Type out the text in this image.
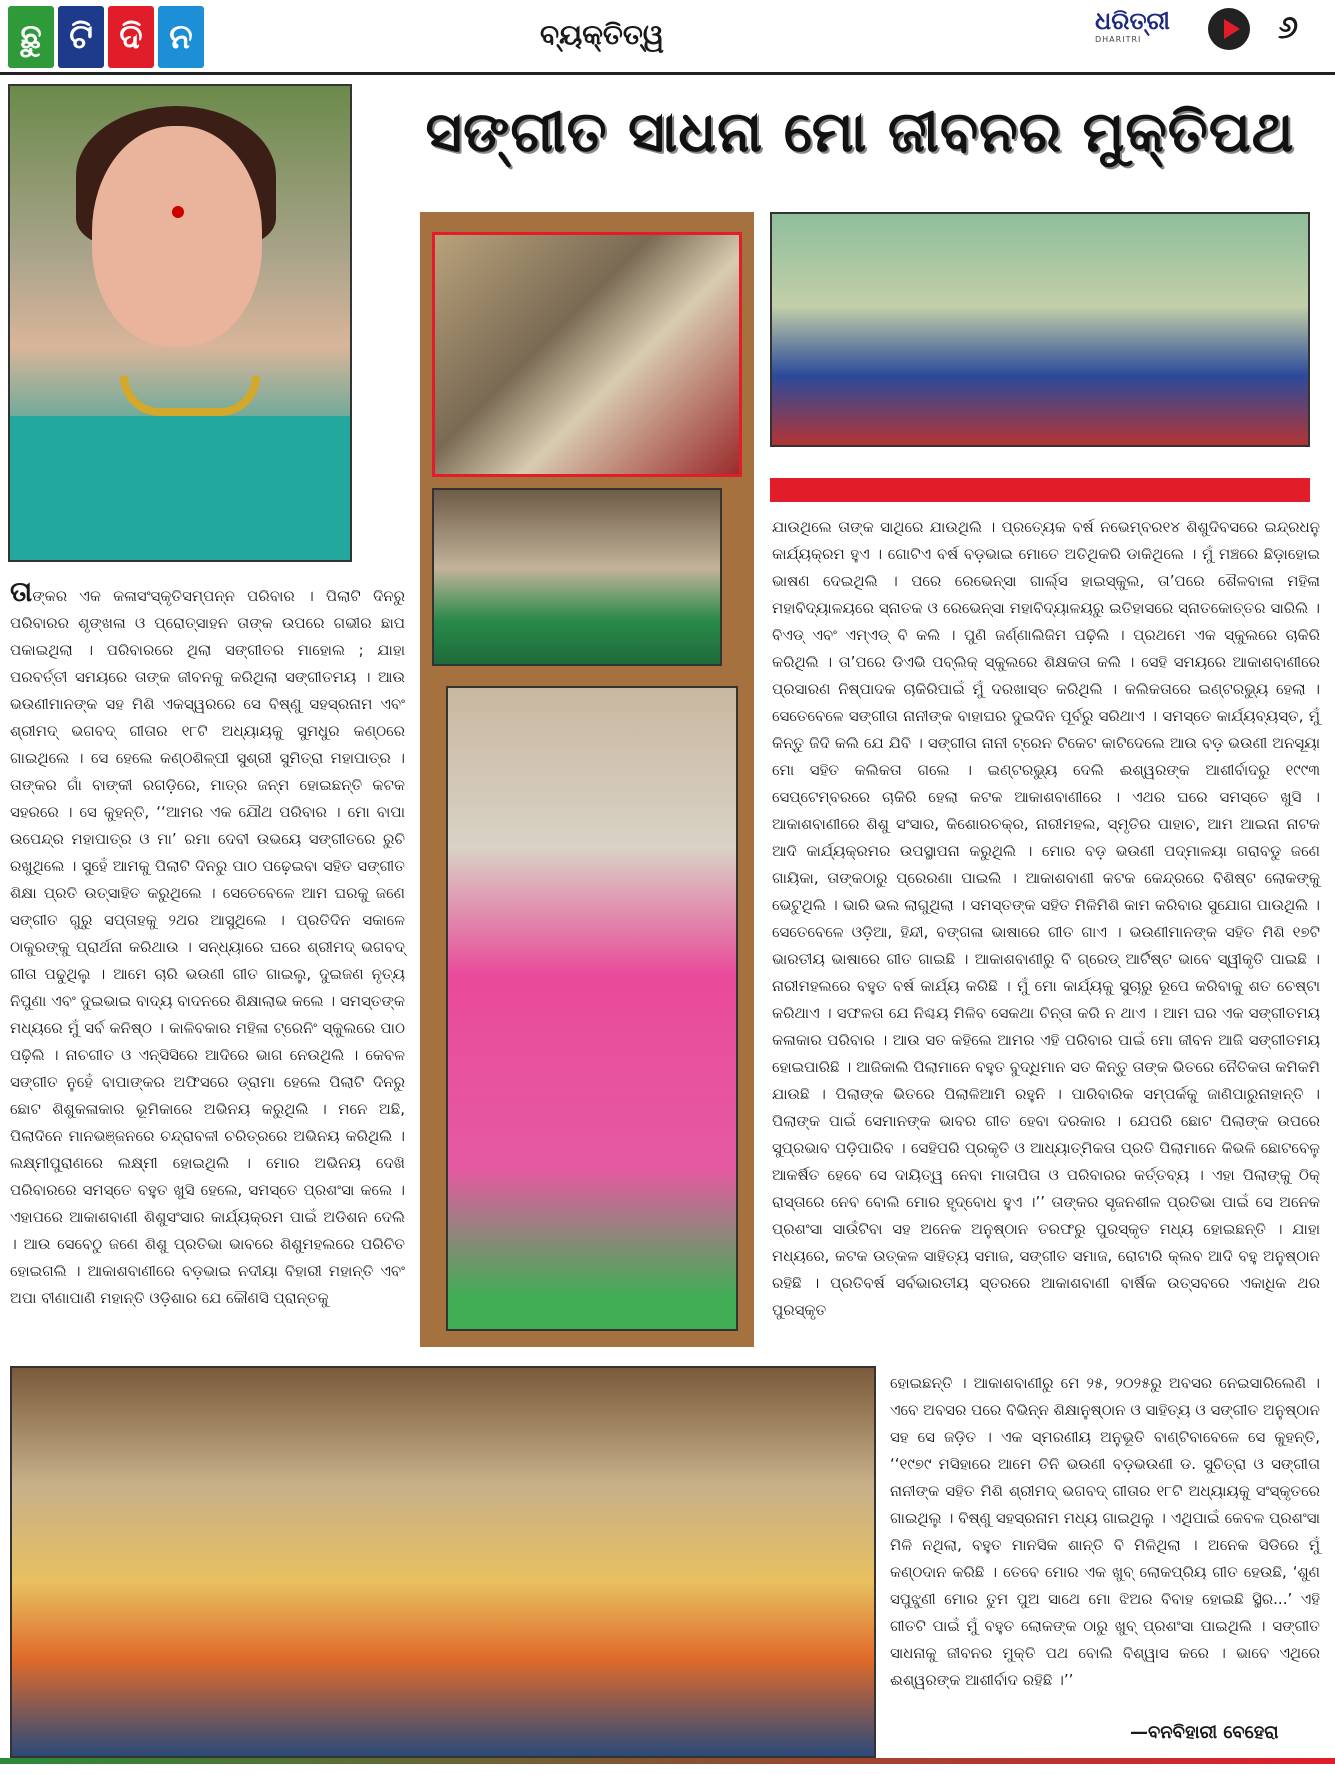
ଛୁ ଟି ଦି ନ	ବ୍ୟକ୍ତିତ୍ୱ	ଧରିତ୍ରୀ
DHARITRI	୬
ସଙ୍ଗୀତ ସାଧନା ମୋ ଜୀବନର ମୁକ୍ତିପଥ
ତାଙ୍କର ଏକ କଳାସଂସ୍କୃତିସମ୍ପନ୍ନ ପରିବାର । ପିଲାଟି ଦିନରୁ ପରିବାରର ଶୃଙ୍ଖଳା ଓ ପ୍ରୋତ୍ସାହନ ତାଙ୍କ ଉପରେ ଗଭୀର ଛାପ ପକାଇଥିଲା । ପରିବାରରେ ଥିଲା ସଙ୍ଗୀତର ମାହୋଲ ; ଯାହା ପରବର୍ତ୍ତୀ ସମୟରେ ତାଙ୍କ ଜୀବନକୁ କରିଥିଲା ସଙ୍ଗୀତମୟ । ଆଉ ଭଉଣୀମାନଙ୍କ ସହ ମିଶି ଏକସ୍ୱରରେ ସେ ବିଷ୍ଣୁ ସହସ୍ରନାମ ଏବଂ ଶ୍ରୀମଦ୍ ଭଗବଦ୍ ଗୀତାର ୧୮ଟି ଅଧ୍ୟାୟକୁ ସୁମଧୁର କଣ୍ଠରେ ଗାଇଥିଲେ । ସେ ହେଲେ କଣ୍ଠଶିଳ୍ପୀ ସୁଶ୍ରୀ ସୁମିତ୍ରା ମହାପାତ୍ର । ତାଙ୍କର ଗାଁ ବାଙ୍କୀ ରଗଡ଼ିରେ, ମାତ୍ର ଜନ୍ମ ହୋଇଛନ୍ତି କଟକ ସହରରେ । ସେ କୁହନ୍ତି, ‘‘ଆମର ଏକ ଯୌଥ ପରିବାର । ମୋ ବାପା ଉପେନ୍ଦ୍ର ମହାପାତ୍ର ଓ ମା’ ରମା ଦେବୀ ଉଭୟେ ସଙ୍ଗୀତରେ ରୁଚି ରଖୁଥିଲେ । ସୁହେଁ ଆମକୁ ପିଲାଟି ଦିନରୁ ପାଠ ପଢ଼େଇବା ସହିତ ସଙ୍ଗୀତ ଶିକ୍ଷା ପ୍ରତି ଉତ୍ସାହିତ କରୁଥିଲେ । ସେତେବେଳେ ଆମ ଘରକୁ ଜଣେ ସଙ୍ଗୀତ ଗୁରୁ ସପ୍ତାହକୁ ୨ଥର ଆସୁଥିଲେ । ପ୍ରତିଦିନ ସକାଳେ ଠାକୁରଙ୍କୁ ପ୍ରାର୍ଥନା କରିଥାଉ । ସନ୍ଧ୍ୟାରେ ଘରେ ଶ୍ରୀମଦ୍ ଭଗବଦ୍ ଗୀତା ପଢୁଥିଲୁ । ଆମେ ଚାରି ଭଉଣୀ ଗୀତ ଗାଇଲୁ, ଦୁଇଜଣ ନୃତ୍ୟ ନିପୁଣା ଏବଂ ଦୁଇଭାଇ ବାଦ୍ୟ ବାଦନରେ ଶିକ୍ଷାଲାଭ କଲେ । ସମସ୍ତଙ୍କ ମଧ୍ୟରେ ମୁଁ ସର୍ବ କନିଷ୍ଠ । କାଳିବକାର ମହିଳା ଟ୍ରେନିଂ ସ୍କୁଲରେ ପାଠ ପଢ଼ିଲି । ନାଚଗୀତ ଓ ଏନ୍‌ସିସିରେ ଆଦିରେ ଭାଗ ନେଉଥିଲି । କେବଳ ସଙ୍ଗୀତ ନୁହେଁ ବାପାଙ୍କର ଅଫିସରେ ଡ୍ରାମା ହେଲେ ପିଲାଟି ଦିନରୁ ଛୋଟ ଶିଶୁକଳାକାର ଭୂମିକାରେ ଅଭିନୟ କରୁଥିଲି । ମନେ ଅଛି, ପିଲାଦିନେ ମାନଭଞ୍ଜନରେ ଚନ୍ଦ୍ରାବଳୀ ଚରିତ୍ରରେ ଅଭିନୟ କରିଥିଲି । ଲକ୍ଷ୍ମୀପୁରାଣରେ ଲକ୍ଷ୍ମୀ ହୋଇଥିଲି । ମୋର ଅଭିନୟ ଦେଖି ପରିବାରରେ ସମସ୍ତେ ବହୁତ ଖୁସି ହେଲେ, ସମସ୍ତେ ପ୍ରଶଂସା କଲେ । ଏହାପରେ ଆକାଶବାଣୀ ଶିଶୁସଂସାର କାର୍ଯ୍ୟକ୍ରମ ପାଇଁ ଅଡିଶନ ଦେଲି । ଆଉ ସେବେଠୁ ଜଣେ ଶିଶୁ ପ୍ରତିଭା ଭାବରେ ଶିଶୁମହଲରେ ପରିଚିତ ହୋଇଗଲି । ଆକାଶବାଣୀରେ ବଡ଼ଭାଇ ନଦୀୟା ବିହାରୀ ମହାନ୍ତି ଏବଂ ଅପା ବୀଣାପାଣି ମହାନ୍ତି ଓଡ଼ିଶାର ଯେ କୌଣସି ପ୍ରାନ୍ତକୁ
ଯାଉଥିଲେ ତାଙ୍କ ସାଥିରେ ଯାଉଥିଲି । ପ୍ରତ୍ୟେକ ବର୍ଷ ନଭେମ୍ବର୧୪ ଶିଶୁଦିବସରେ ଇନ୍ଦ୍ରଧନୁ କାର୍ଯ୍ୟକ୍ରମ ହୁଏ । ଗୋଟିଏ ବର୍ଷ ବଡ଼ଭାଇ ମୋତେ ଅତିଥିକରି ଡାକିଥିଲେ । ମୁଁ ମଞ୍ଚରେ ଛିଡ଼ାହୋଇ ଭାଷଣ ଦେଇଥିଲି । ପରେ ରେଭେନ୍ସା ଗାର୍ଲ୍ସ ହାଇସ୍କୁଲ, ତା’ପରେ ଶୈଳବାଳା ମହିଳା ମହାବିଦ୍ୟାଳୟରେ ସ୍ନାତକ ଓ ରେଭେନ୍ସା ମହାବିଦ୍ୟାଳୟରୁ ଇତିହାସରେ ସ୍ନାତକୋତ୍ତର ସାରିଲି । ବିଏଡ୍ ଏବଂ ଏମ୍‌ଏଡ୍ ବି କଲି । ପୁଣି ଜର୍ଣ୍ଣାଲିଜିମ ପଢ଼ିଲି । ପ୍ରଥମେ ଏକ ସ୍କୁଲରେ ଚାକିରି କରିଥିଲି । ତା’ପରେ ଡିଏଭି ପବ୍ଲିକ୍ ସ୍କୁଲରେ ଶିକ୍ଷକତା କଲି । ସେହି ସମୟରେ ଆକାଶବାଣୀରେ ପ୍ରସାରଣ ନିଷ୍ପାଦକ ଚାକିରିପାଇଁ ମୁଁ ଦରଖାସ୍ତ କରିଥିଲି । କଲିକତାରେ ଇଣ୍ଟରଭ୍ୟୁ ହେଲା । ସେତେବେଳେ ସଙ୍ଗୀତା ନାନୀଙ୍କ ବାହାଘର ଦୁଇଦିନ ପୂର୍ବରୁ ସରିଥାଏ । ସମସ୍ତେ କାର୍ଯ୍ୟବ୍ୟସ୍ତ, ମୁଁ କିନ୍ତୁ ଜିଦି କଲି ଯେ ଯିବି । ସଙ୍ଗୀତା ନାନୀ ଟ୍ରେନ ଟିକେଟ କାଟିଦେଲେ ଆଉ ବଡ଼ ଭଉଣୀ ଅନସୂୟା ମୋ ସହିତ କଲିକତା ଗଲେ । ଇଣ୍ଟରଭ୍ୟୁ ଦେଲି ଈଶ୍ୱରଙ୍କ ଆଶୀର୍ବାଦରୁ ୧୯୯୩ ସେପ୍ଟେମ୍ବରରେ ଚାକିରି ହେଲା କଟକ ଆକାଶବାଣୀରେ । ଏଥର ଘରେ ସମସ୍ତେ ଖୁସି । ଆକାଶବାଣୀରେ ଶିଶୁ ସଂସାର, କିଶୋରଚକ୍ର, ନାରୀମହଲ, ସ୍ମୃତିର ପାହାଚ, ଆମ ଆଇନା ନାଟକ ଆଦି କାର୍ଯ୍ୟକ୍ରମର ଉପସ୍ଥାପନା କରୁଥିଲି । ମୋର ବଡ଼ ଭଉଣୀ ପଦ୍ମାଳୟା ଗରାବଡୁ ଜଣେ ଗାୟିକା, ତାଙ୍କଠାରୁ ପ୍ରେରଣା ପାଇଲି । ଆକାଶବାଣୀ କଟକ କେନ୍ଦ୍ରରେ ବିଶିଷ୍ଟ ଲୋକଙ୍କୁ ଭେଟୁଥିଲି । ଭାରି ଭଲ ଲାଗୁଥିଲା । ସମସ୍ତଙ୍କ ସହିତ ମିଳିମିଶି କାମ କରିବାର ସୁଯୋଗ ପାଉଥିଲି । ସେତେବେଳେ ଓଡ଼ିଆ, ହିନ୍ଦୀ, ବଙ୍ଗଳା ଭାଷାରେ ଗୀତ ଗାଏ । ଭଉଣୀମାନଙ୍କ ସହିତ ମିଶି ୧୭ଟି ଭାରତୀୟ ଭାଷାରେ ଗୀତ ଗାଇଛି । ଆକାଶବାଣୀରୁ ବି ଗ୍ରେଡ୍ ଆର୍ଟିଷ୍ଟ ଭାବେ ସ୍ୱୀକୃତି ପାଇଛି । ନାରୀମହଲରେ ବହୁତ ବର୍ଷ କାର୍ଯ୍ୟ କରିଛି । ମୁଁ ମୋ କାର୍ଯ୍ୟକୁ ସୁଚାରୁ ରୂପେ କରିବାକୁ ଶତ ଚେଷ୍ଟା କରିଥାଏ । ସଫଳତା ଯେ ନିଶ୍ଚୟ ମିଳିବ ସେକଥା ଚିନ୍ତା କରି ନ ଥାଏ । ଆମ ଘର ଏକ ସଙ୍ଗୀତମୟ କଳାକାର ପରିବାର । ଆଉ ସତ କହିଲେ ଆମର ଏହି ପରିବାର ପାଇଁ ମୋ ଜୀବନ ଆଜି ସଙ୍ଗୀତମୟ ହୋଇପାରିଛି । ଆଜିକାଲି ପିଲାମାନେ ବହୁତ ବୁଦ୍ଧିମାନ ସତ କିନ୍ତୁ ତାଙ୍କ ଭିତରେ ନୈତିକତା କମିକମି ଯାଉଛି । ପିଲାଙ୍କ ଭିତରେ ପିଲାଳିଆମି ରହୁନି । ପାରିବାରିକ ସମ୍ପର୍କକୁ ଜାଣିପାରୁନାହାନ୍ତି । ପିଲାଙ୍କ ପାଇଁ ସେମାନଙ୍କ ଭାବର ଗୀତ ହେବା ଦରକାର । ଯେପରି ଛୋଟ ପିଲାଙ୍କ ଉପରେ ସୁପ୍ରଭାବ ପଡ଼ିପାରିବ । ସେହିପରି ପ୍ରକୃତି ଓ ଆଧ୍ୟାତ୍ମିକତା ପ୍ରତି ପିଲାମାନେ କିଭଳି ଛୋଟବେଳୁ ଆକର୍ଷିତ ହେବେ ସେ ଦାୟିତ୍ୱ ନେବା ମାତାପିତା ଓ ପରିବାରର କର୍ତ୍ତବ୍ୟ । ଏହା ପିଲାଙ୍କୁ ଠିକ୍ ରାସ୍ତାରେ ନେବ ବୋଲି ମୋର ହୃଦ୍‌ବୋଧ ହୁଏ ।’’ ତାଙ୍କର ସୃଜନଶୀଳ ପ୍ରତିଭା ପାଇଁ ସେ ଅନେକ ପ୍ରଶଂସା ସାଉଁଟିବା ସହ ଅନେକ ଅନୁଷ୍ଠାନ ତରଫରୁ ପୁରସ୍କୃତ ମଧ୍ୟ ହୋଇଛନ୍ତି । ଯାହା ମଧ୍ୟରେ, କଟକ ଉତ୍କଳ ସାହିତ୍ୟ ସମାଜ, ସଙ୍ଗୀତ ସମାଜ, ରୋଟାରି କ୍ଲବ ଆଦି ବହୁ ଅନୁଷ୍ଠାନ ରହିଛି । ପ୍ରତିବର୍ଷ ସର୍ବଭାରତୀୟ ସ୍ତରରେ ଆକାଶବାଣୀ ବାର୍ଷିକ ଉତ୍ସବରେ ଏକାଧିକ ଥର ପୁରସ୍କୃତ
ହୋଇଛନ୍ତି । ଆକାଶବାଣୀରୁ ମେ ୨୫, ୨୦୨୫ରୁ ଅବସର ନେଇସାରିଲେଣି । ଏବେ ଅବସର ପରେ ବିଭିନ୍ନ ଶିକ୍ଷାନୁଷ୍ଠାନ ଓ ସାହିତ୍ୟ ଓ ସଙ୍ଗୀତ ଅନୁଷ୍ଠାନ ସହ ସେ ଜଡ଼ିତ । ଏକ ସ୍ମରଣୀୟ ଅନୁଭୂତି ବାଣ୍ଟିବାବେଳେ ସେ କୁହନ୍ତି, ‘‘୧୯୭୯ ମସିହାରେ ଆମେ ତିନି ଭଉଣୀ ବଡ଼ଭଉଣୀ ଡ. ସୁଚିତ୍ରା ଓ ସଙ୍ଗୀତା ନାନୀଙ୍କ ସହିତ ମିଶି ଶ୍ରୀମଦ୍ ଭଗବଦ୍ ଗୀତାର ୧୮ଟି ଅଧ୍ୟାୟକୁ ସଂସ୍କୃତରେ ଗାଇଥିଲୁ । ବିଷ୍ଣୁ ସହସ୍ରନାମ ମଧ୍ୟ ଗାଇଥିଲୁ । ଏଥିପାଇଁ କେବଳ ପ୍ରଶଂସା ମିଳି ନଥିଲା, ବହୁତ ମାନସିକ ଶାନ୍ତି ବି ମିଳିଥିଲା । ଅନେକ ସିଡିରେ ମୁଁ କଣ୍ଠଦାନ କରିଛି । ତେବେ ମୋର ଏକ ଖୁବ୍ ଲୋକପ୍ରିୟ ଗୀତ ହେଉଛି, ‘ଶୁଣ ସପୁଝୁଣୀ ମୋର ତୁମ ପୁଅ ସାଥେ ମୋ ଝିଅର ବିବାହ ହୋଇଛି ସ୍ଥିର...’ ଏହି ଗୀତଟି ପାଇଁ ମୁଁ ବହୁତ ଲୋକଙ୍କ ଠାରୁ ଖୁବ୍ ପ୍ରଶଂସା ପାଇଥିଲି । ସଙ୍ଗୀତ ସାଧନାକୁ ଜୀବନର ମୁକ୍ତି ପଥ ବୋଲି ବିଶ୍ୱାସ କରେ । ଭାବେ ଏଥିରେ ଈଶ୍ୱରଙ୍କ ଆଶୀର୍ବାଦ ରହିଛି ।’’
—ବନବିହାରୀ ବେହେରା
